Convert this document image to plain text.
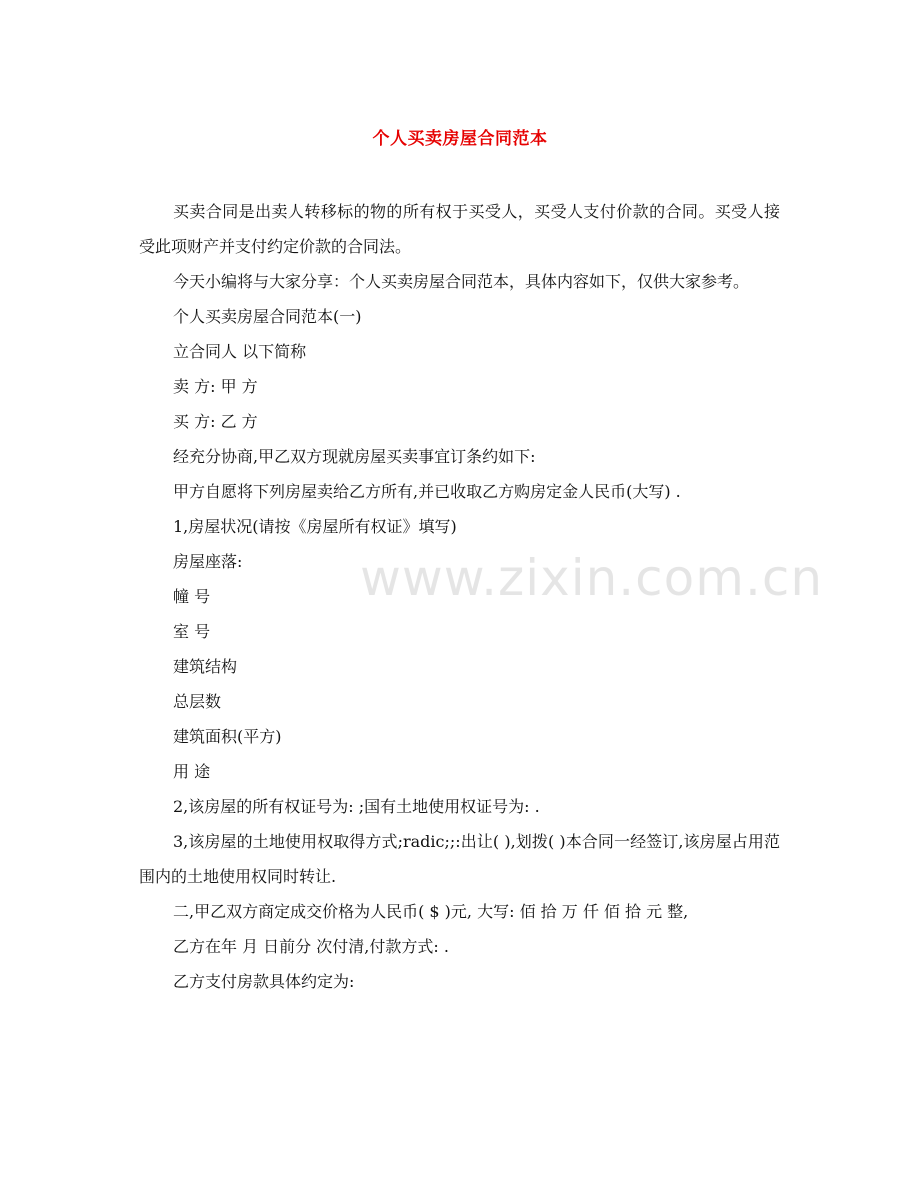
个人买卖房屋合同范本
www.zixin.com.cn

买卖合同是出卖人转移标的物的所有权于买受人，买受人支付价款的合同。买受人接受此项财产并支付约定价款的合同法。

今天小编将与大家分享：个人买卖房屋合同范本，具体内容如下，仅供大家参考。

个人买卖房屋合同范本(一)

立合同人 以下简称

卖 方: 甲 方

买 方: 乙 方

经充分协商,甲乙双方现就房屋买卖事宜订条约如下:

甲方自愿将下列房屋卖给乙方所有,并已收取乙方购房定金人民币(大写) .

1,房屋状况(请按《房屋所有权证》填写)

房屋座落:

幢 号

室 号

建筑结构

总层数

建筑面积(平方)

用 途

2,该房屋的所有权证号为: ;国有土地使用权证号为: .

3,该房屋的土地使用权取得方式;radic;;:出让( ),划拨( )本合同一经签订,该房屋占用范围内的土地使用权同时转让.

二,甲乙双方商定成交价格为人民币( $ )元, 大写: 佰 拾 万 仟 佰 拾 元 整,

乙方在年 月 日前分 次付清,付款方式: .

乙方支付房款具体约定为:
